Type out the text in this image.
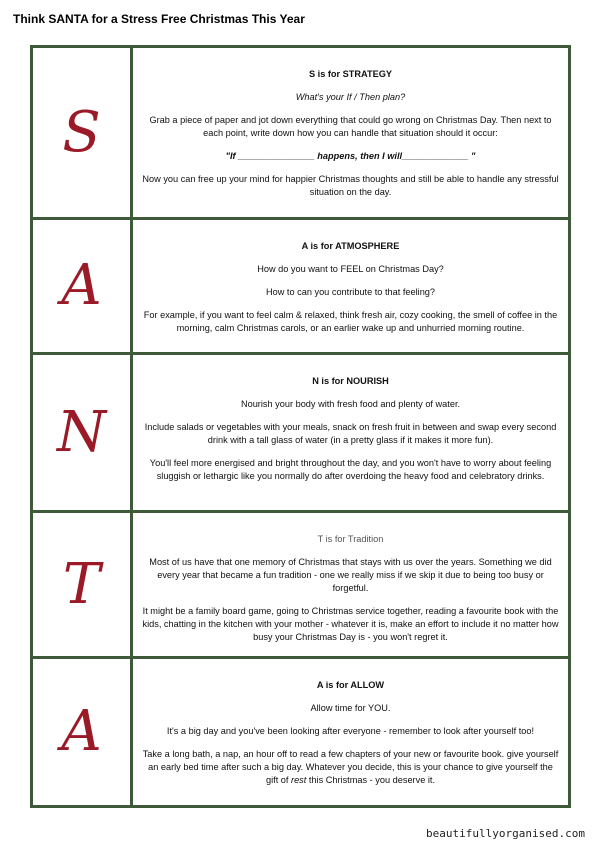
Think SANTA for a Stress Free Christmas This Year
S

S is for STRATEGY

What's your If / Then plan?

Grab a piece of paper and jot down everything that could go wrong on Christmas Day. Then next to each point, write down how you can handle that situation should it occur:

"If _______________ happens, then I will_____________ "

Now you can free up your mind for happier Christmas thoughts and still be able to handle any stressful situation on the day.

A

A is for ATMOSPHERE

How do you want to FEEL on Christmas Day?

How to can you contribute to that feeling?

For example, if you want to feel calm & relaxed, think fresh air, cozy cooking, the smell of coffee in the morning, calm Christmas carols, or an earlier wake up and unhurried morning routine.

N

N is for NOURISH

Nourish your body with fresh food and plenty of water.

Include salads or vegetables with your meals, snack on fresh fruit in between and swap every second drink with a tall glass of water (in a pretty glass if it makes it more fun).

You'll feel more energised and bright throughout the day, and you won't have to worry about feeling sluggish or lethargic like you normally do after overdoing the heavy food and celebratory drinks.

T

T is for Tradition

Most of us have that one memory of Christmas that stays with us over the years. Something we did every year that became a fun tradition - one we really miss if we skip it due to being too busy or forgetful.

It might be a family board game, going to Christmas service together, reading a favourite book with the kids, chatting in the kitchen with your mother - whatever it is, make an effort to include it no matter how busy your Christmas Day is - you won't regret it.

A

A is for ALLOW

Allow time for YOU.

It's a big day and you've been looking after everyone - remember to look after yourself too!

Take a long bath, a nap, an hour off to read a few chapters of your new or favourite book. give yourself an early bed time after such a big day. Whatever you decide, this is your chance to give yourself the gift of rest this Christmas - you deserve it.

beautifullyorganised.com
